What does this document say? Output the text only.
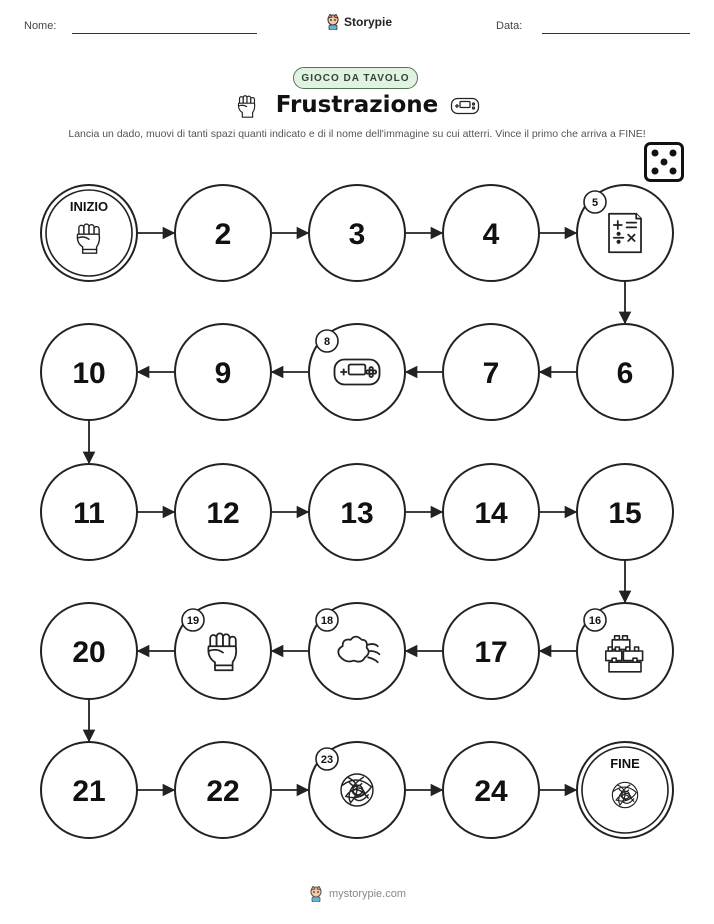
Nome:	Storypie	Data:
GIOCO DA TAVOLO
Frustrazione
Lancia un dado, muovi di tanti spazi quanti indicato e di il nome dell'immagine su cui atterri. Vince il primo che arriva a FINE!
INIZIO
2	3	4
5
6
7
8
9
10
11	12	13	14	15
16
17
18
19
20
21	22
23
24
FINE
mystorypie.com
